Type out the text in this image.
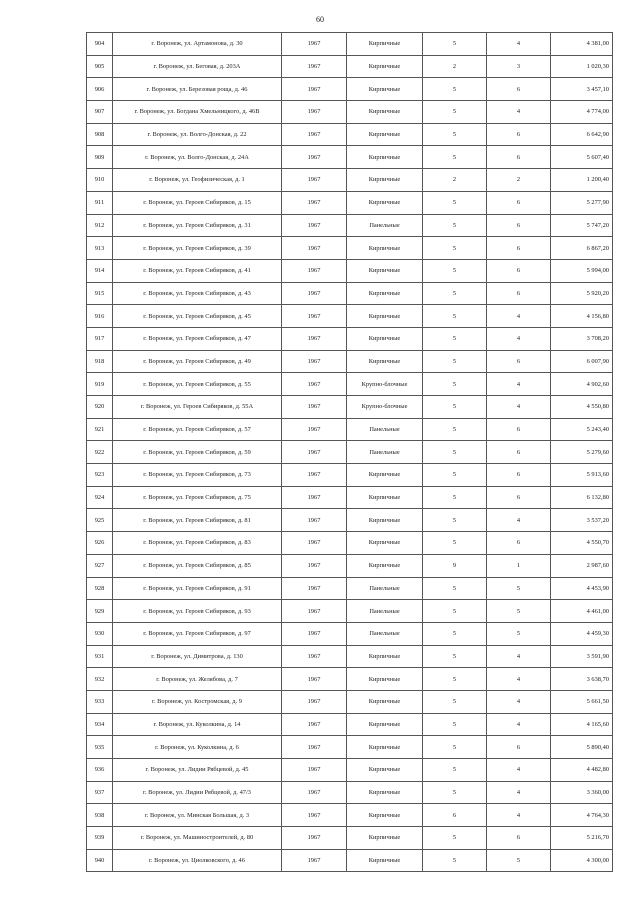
60
904	г. Воронеж, ул. Артамонова, д. 30	1967	Кирпичные	5	4	4 381,00
905	г. Воронеж, ул. Беговая, д. 203А	1967	Кирпичные	2	3	1 020,30
906	г. Воронеж, ул. Березовая роща, д. 46	1967	Кирпичные	5	6	3 457,10
907	г. Воронеж, ул. Богдана Хмельницкого, д. 46В	1967	Кирпичные	5	4	4 774,00
908	г. Воронеж, ул. Волго-Донская, д. 22	1967	Кирпичные	5	6	6 642,90
909	г. Воронеж, ул. Волго-Донская, д. 24А	1967	Кирпичные	5	6	5 607,40
910	г. Воронеж, ул. Геофизическая, д. 1	1967	Кирпичные	2	2	1 200,40
911	г. Воронеж, ул. Героев Сибиряков, д. 15	1967	Кирпичные	5	6	5 277,90
912	г. Воронеж, ул. Героев Сибиряков, д. 31	1967	Панельные	5	6	5 747,20
913	г. Воронеж, ул. Героев Сибиряков, д. 39	1967	Кирпичные	5	6	6 867,20
914	г. Воронеж, ул. Героев Сибиряков, д. 41	1967	Кирпичные	5	6	5 994,00
915	г. Воронеж, ул. Героев Сибиряков, д. 43	1967	Кирпичные	5	6	5 920,20
916	г. Воронеж, ул. Героев Сибиряков, д. 45	1967	Кирпичные	5	4	4 156,80
917	г. Воронеж, ул. Героев Сибиряков, д. 47	1967	Кирпичные	5	4	3 708,20
918	г. Воронеж, ул. Героев Сибиряков, д. 49	1967	Кирпичные	5	6	6 007,90
919	г. Воронеж, ул. Героев Сибиряков, д. 55	1967	Крупно-блочные	5	4	4 902,60
920	г. Воронеж, ул. Героев Сибиряков, д. 55А	1967	Крупно-блочные	5	4	4 550,80
921	г. Воронеж, ул. Героев Сибиряков, д. 57	1967	Панельные	5	6	5 243,40
922	г. Воронеж, ул. Героев Сибиряков, д. 59	1967	Панельные	5	6	5 279,60
923	г. Воронеж, ул. Героев Сибиряков, д. 73	1967	Кирпичные	5	6	5 913,60
924	г. Воронеж, ул. Героев Сибиряков, д. 75	1967	Кирпичные	5	6	6 132,80
925	г. Воронеж, ул. Героев Сибиряков, д. 81	1967	Кирпичные	5	4	3 537,20
926	г. Воронеж, ул. Героев Сибиряков, д. 83	1967	Кирпичные	5	6	4 550,70
927	г. Воронеж, ул. Героев Сибиряков, д. 85	1967	Кирпичные	9	1	2 987,60
928	г. Воронеж, ул. Героев Сибиряков, д. 91	1967	Панельные	5	5	4 453,90
929	г. Воронеж, ул. Героев Сибиряков, д. 93	1967	Панельные	5	5	4 461,00
930	г. Воронеж, ул. Героев Сибиряков, д. 97	1967	Панельные	5	5	4 459,30
931	г. Воронеж, ул. Димитрова, д. 130	1967	Кирпичные	5	4	3 591,90
932	г. Воронеж, ул. Желябова, д. 7	1967	Кирпичные	5	4	3 638,70
933	г. Воронеж, ул. Костромская, д. 9	1967	Кирпичные	5	4	5 661,50
934	г. Воронеж, ул. Куколкина, д. 14	1967	Кирпичные	5	4	4 165,60
935	г. Воронеж, ул. Куколкина, д. 6	1967	Кирпичные	5	6	5 890,40
936	г. Воронеж, ул. Лидии Рябцевой, д. 45	1967	Кирпичные	5	4	4 482,80
937	г. Воронеж, ул. Лидии Рябцевой, д. 47/3	1967	Кирпичные	5	4	3 360,00
938	г. Воронеж, ул. Минская Большая, д. 3	1967	Кирпичные	6	4	4 764,30
939	г. Воронеж, ул. Машиностроителей, д. 80	1967	Кирпичные	5	6	5 216,70
940	г. Воронеж, ул. Циолковского, д. 46	1967	Кирпичные	5	5	4 300,00
